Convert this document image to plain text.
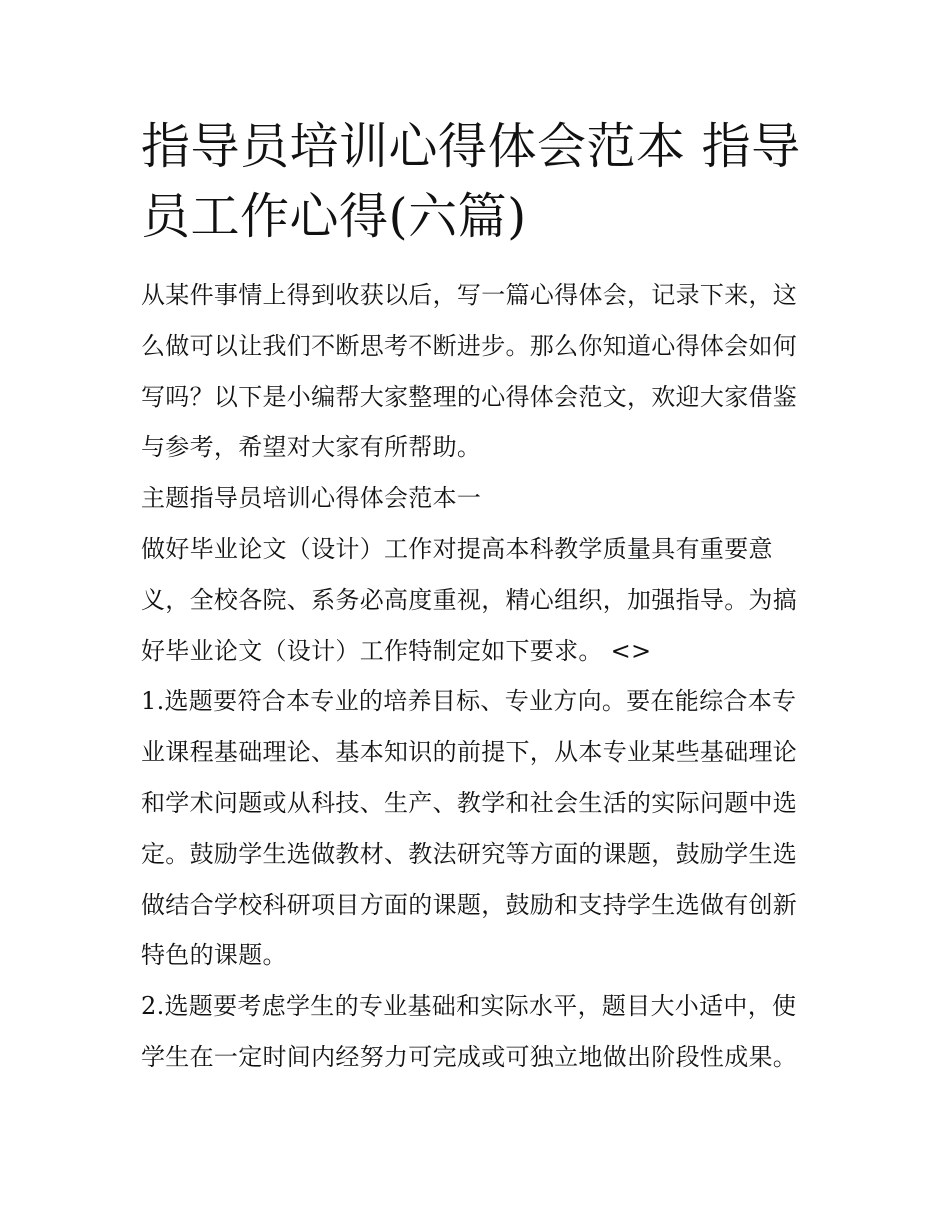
指导员培训心得体会范本 指导员工作心得(六篇)

从某件事情上得到收获以后，写一篇心得体会，记录下来，这么做可以让我们不断思考不断进步。那么你知道心得体会如何写吗？以下是小编帮大家整理的心得体会范文，欢迎大家借鉴与参考，希望对大家有所帮助。

主题指导员培训心得体会范本一

做好毕业论文（设计）工作对提高本科教学质量具有重要意义，全校各院、系务必高度重视，精心组织，加强指导。为搞好毕业论文（设计）工作特制定如下要求。 <>

1.选题要符合本专业的培养目标、专业方向。要在能综合本专业课程基础理论、基本知识的前提下，从本专业某些基础理论和学术问题或从科技、生产、教学和社会生活的实际问题中选定。鼓励学生选做教材、教法研究等方面的课题，鼓励学生选做结合学校科研项目方面的课题，鼓励和支持学生选做有创新特色的课题。

2.选题要考虑学生的专业基础和实际水平，题目大小适中，使学生在一定时间内经努力可完成或可独立地做出阶段性成果。
